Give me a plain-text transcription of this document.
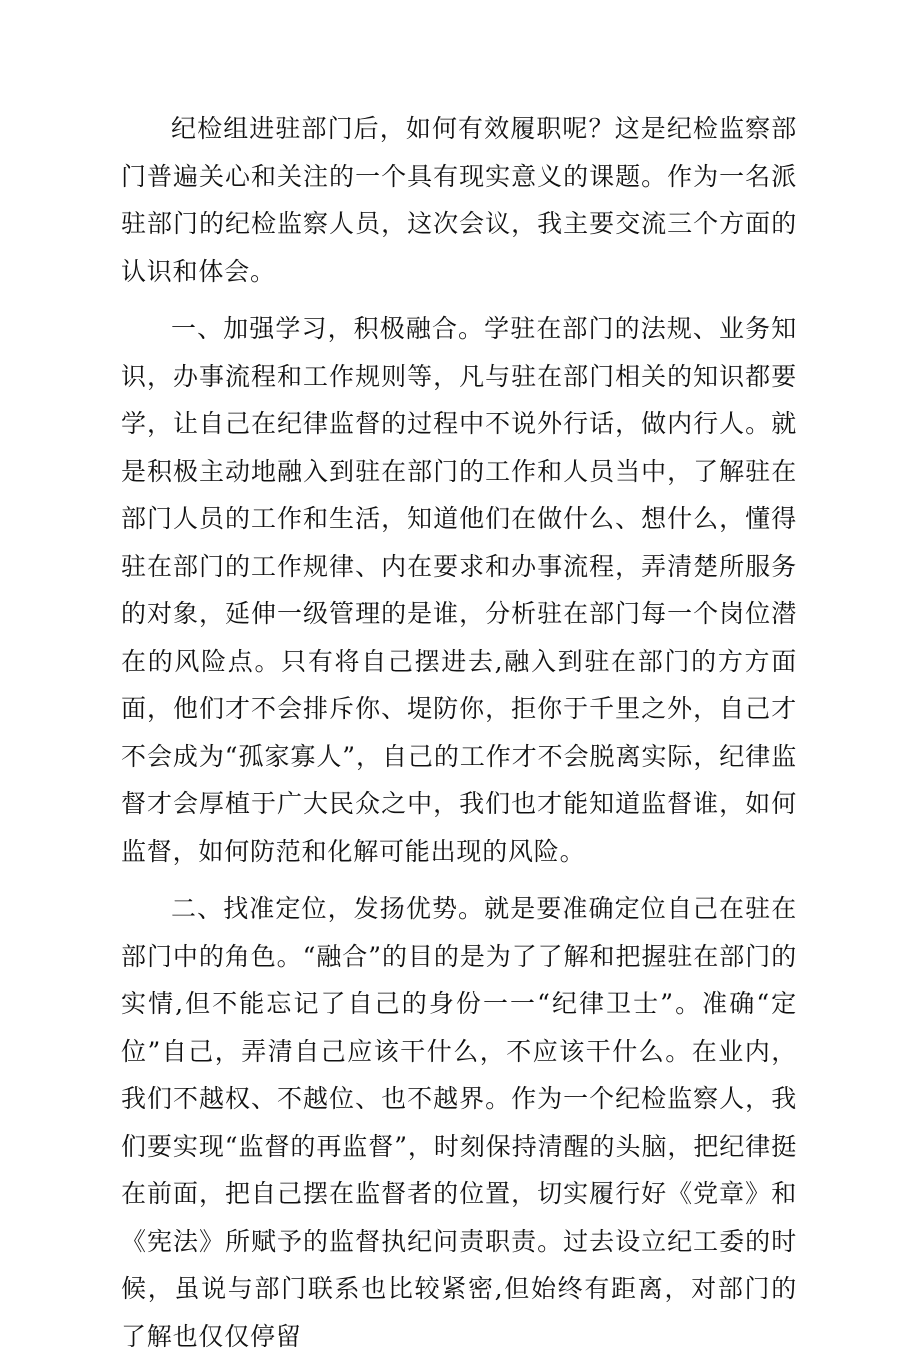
纪检组进驻部门后，如何有效履职呢？这是纪检监察部门普遍关心和关注的一个具有现实意义的课题。作为一名派驻部门的纪检监察人员，这次会议，我主要交流三个方面的认识和体会。

一、加强学习，积极融合。学驻在部门的法规、业务知识，办事流程和工作规则等，凡与驻在部门相关的知识都要学，让自己在纪律监督的过程中不说外行话，做内行人。就是积极主动地融入到驻在部门的工作和人员当中，了解驻在部门人员的工作和生活，知道他们在做什么、想什么，懂得驻在部门的工作规律、内在要求和办事流程，弄清楚所服务的对象，延伸一级管理的是谁，分析驻在部门每一个岗位潜在的风险点。只有将自己摆进去,融入到驻在部门的方方面面，他们才不会排斥你、堤防你，拒你于千里之外，自己才不会成为“孤家寡人”，自己的工作才不会脱离实际，纪律监督才会厚植于广大民众之中，我们也才能知道监督谁，如何监督，如何防范和化解可能出现的风险。

二、找准定位，发扬优势。就是要准确定位自己在驻在部门中的角色。“融合”的目的是为了了解和把握驻在部门的实情,但不能忘记了自己的身份一一“纪律卫士”。准确“定位”自己，弄清自己应该干什么，不应该干什么。在业内，我们不越权、不越位、也不越界。作为一个纪检监察人，我们要实现“监督的再监督”，时刻保持清醒的头脑，把纪律挺在前面，把自己摆在监督者的位置，切实履行好《党章》和《宪法》所赋予的监督执纪问责职责。过去设立纪工委的时候，虽说与部门联系也比较紧密,但始终有距离，对部门的了解也仅仅停留
